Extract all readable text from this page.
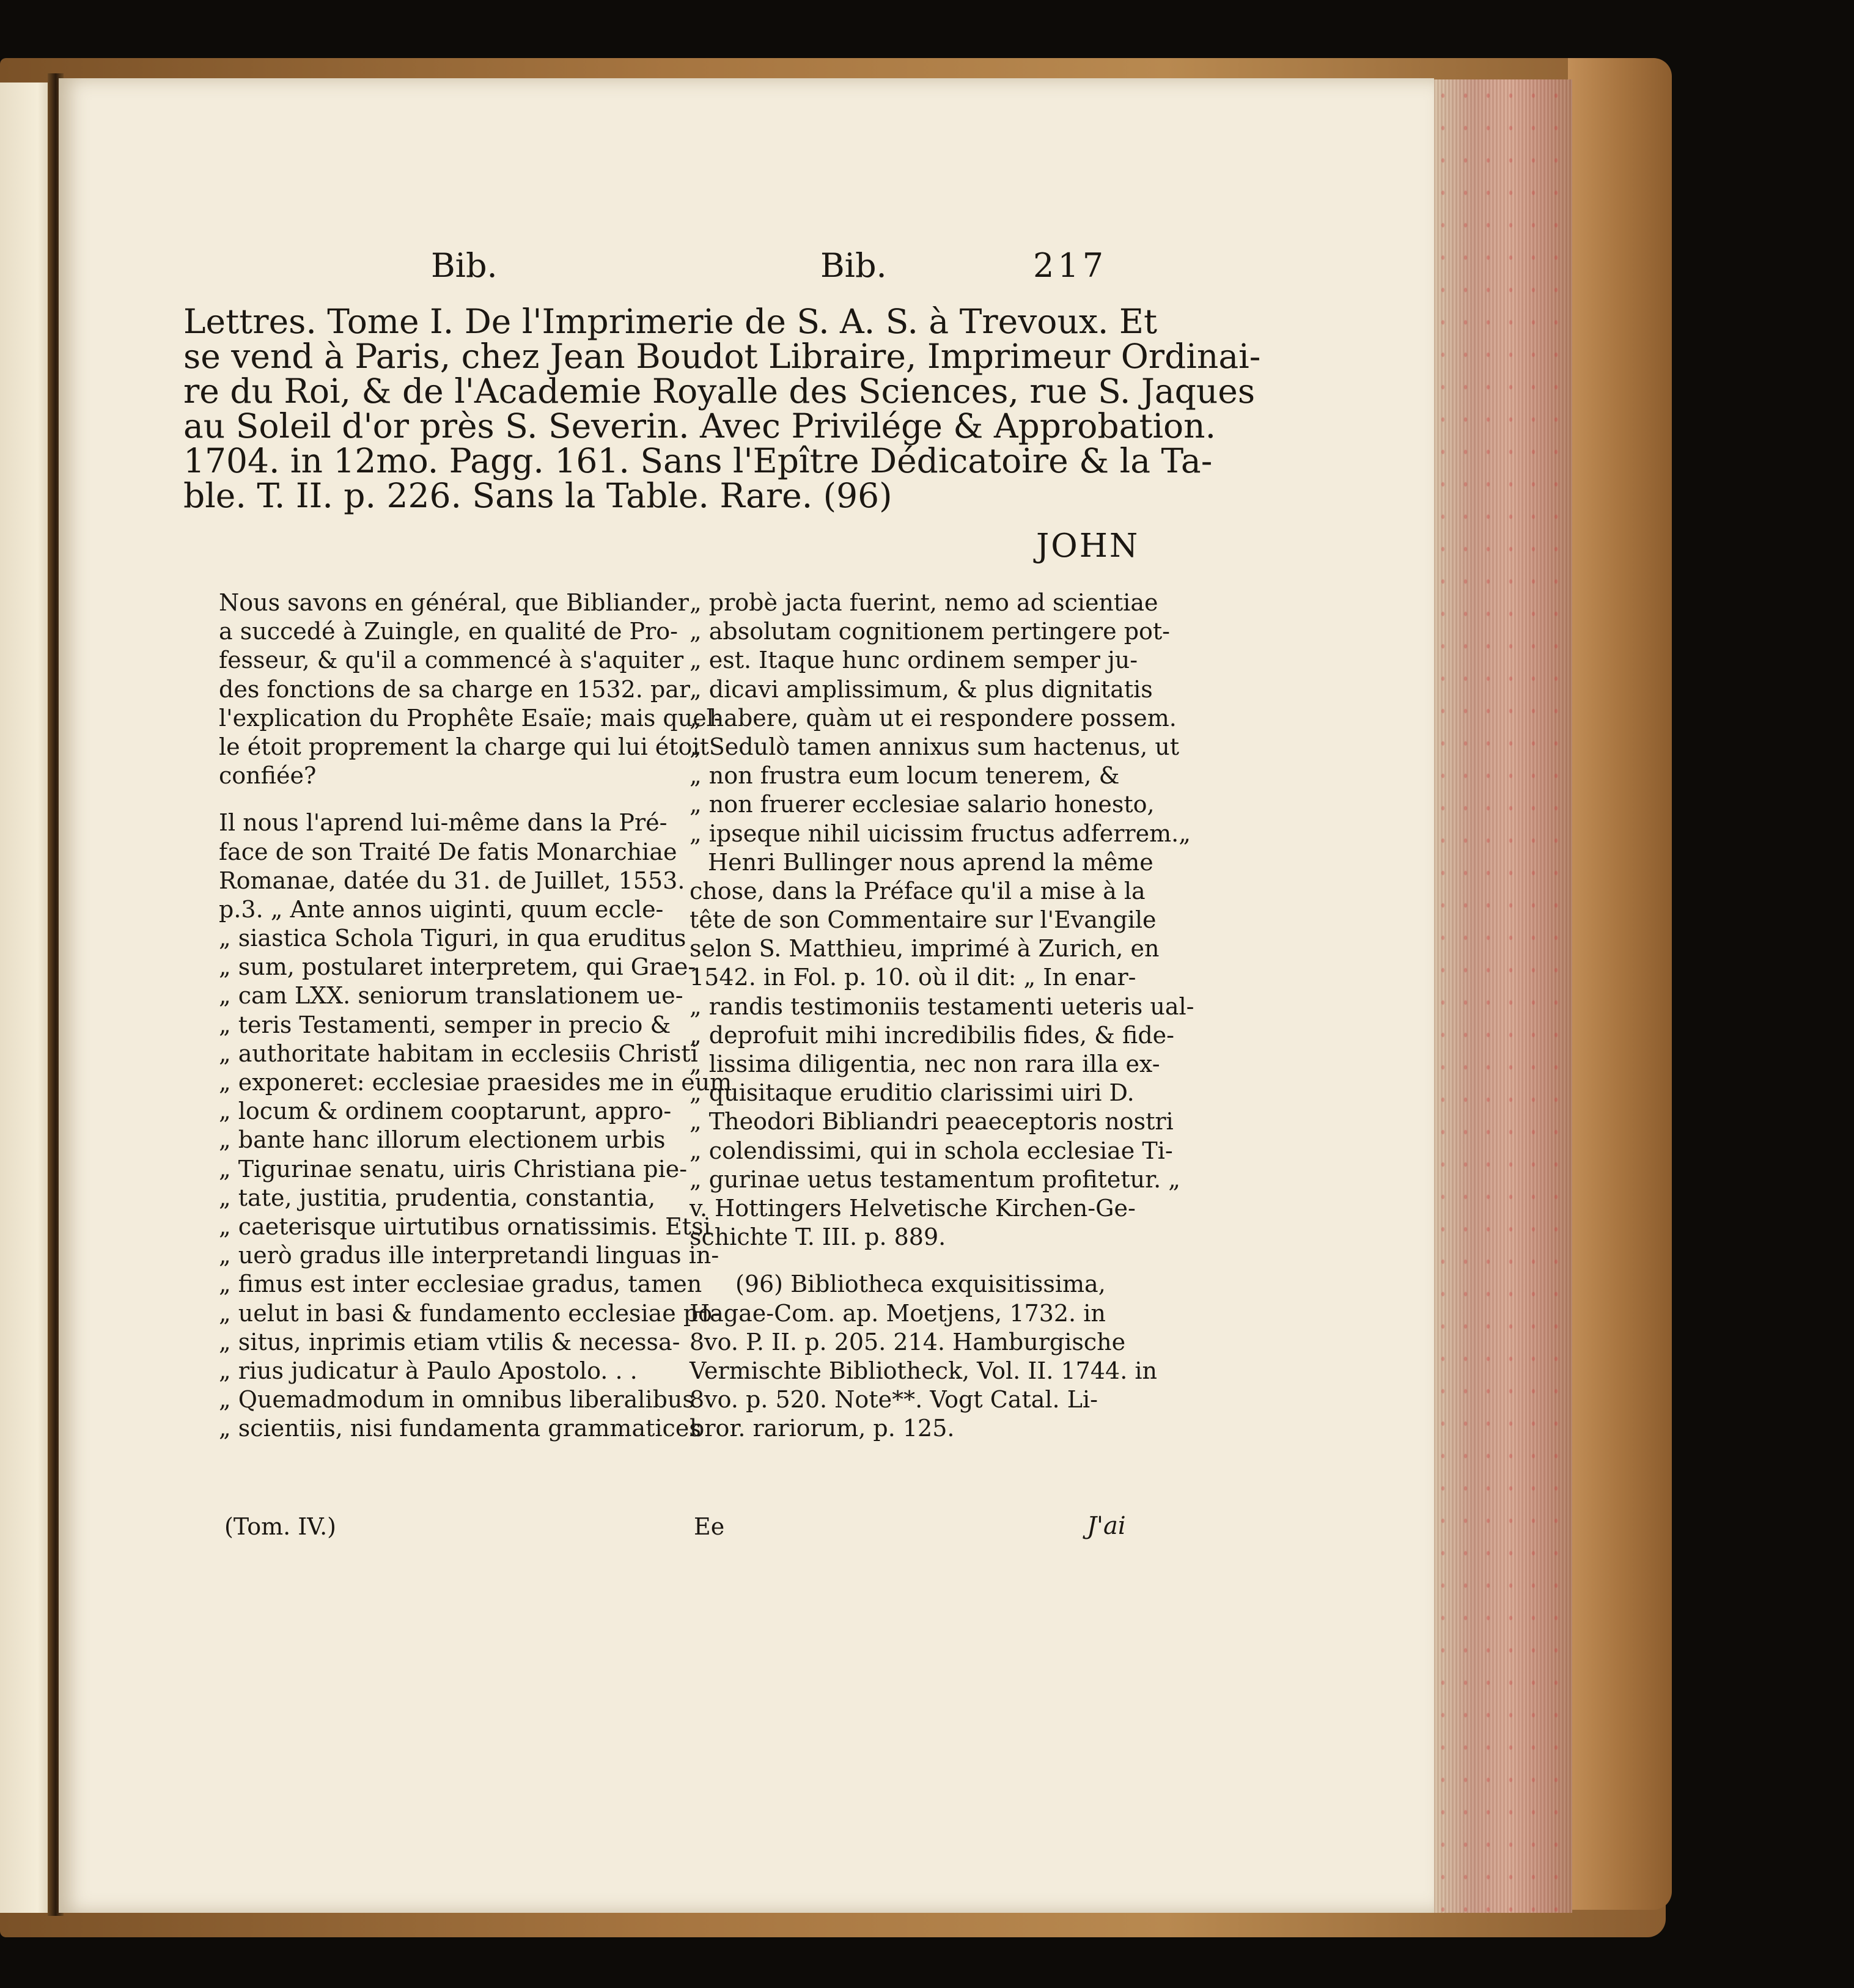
Bib.	Bib.	217
Lettres. Tome I. De l'Imprimerie de S. A. S. à Trevoux. Et
se vend à Paris, chez Jean Boudot Libraire, Imprimeur Ordinai-
re du Roi, & de l'Academie Royalle des Sciences, rue S. Jaques
au Soleil d'or près S. Severin. Avec Privilége & Approbation.
1704. in 12mo. Pagg. 161. Sans l'Epître Dédicatoire & la Ta-
ble. T. II. p. 226. Sans la Table. Rare. (96)
JOHN
Nous savons en général, que Bibliander
a succedé à Zuingle, en qualité de Pro-
fesseur, & qu'il a commencé à s'aquiter
des fonctions de sa charge en 1532. par
l'explication du Prophête Esaïe; mais quel-
le étoit proprement la charge qui lui étoit
confiée?
Il nous l'aprend lui-même dans la Pré-
face de son Traité De fatis Monarchiae
Romanae, datée du 31. de Juillet, 1553.
p.3. „ Ante annos uiginti, quum eccle-
„ siastica Schola Tiguri, in qua eruditus
„ sum, postularet interpretem, qui Grae-
„ cam LXX. seniorum translationem ue-
„ teris Testamenti, semper in precio &
„ authoritate habitam in ecclesiis Christi
„ exponeret: ecclesiae praesides me in eum
„ locum & ordinem cooptarunt, appro-
„ bante hanc illorum electionem urbis
„ Tigurinae senatu, uiris Christiana pie-
„ tate, justitia, prudentia, constantia,
„ caeterisque uirtutibus ornatissimis. Etsi
„ uerò gradus ille interpretandi linguas in-
„ fimus est inter ecclesiae gradus, tamen
„ uelut in basi & fundamento ecclesiae po-
„ situs, inprimis etiam vtilis & necessa-
„ rius judicatur à Paulo Apostolo. . .
„ Quemadmodum in omnibus liberalibus
„ scientiis, nisi fundamenta grammatices
(Tom. IV.)
„ probè jacta fuerint, nemo ad scientiae
„ absolutam cognitionem pertingere pot-
„ est. Itaque hunc ordinem semper ju-
„ dicavi amplissimum, & plus dignitatis
„ habere, quàm ut ei respondere possem.
„ Sedulò tamen annixus sum hactenus, ut
„ non frustra eum locum tenerem, &
„ non fruerer ecclesiae salario honesto,
„ ipseque nihil uicissim fructus adferrem.„
Henri Bullinger nous aprend la même
chose, dans la Préface qu'il a mise à la
tête de son Commentaire sur l'Evangile
selon S. Matthieu, imprimé à Zurich, en
1542. in Fol. p. 10. où il dit: „ In enar-
„ randis testimoniis testamenti ueteris ual-
„ deprofuit mihi incredibilis fides, & fide-
„ lissima diligentia, nec non rara illa ex-
„ quisitaque eruditio clarissimi uiri D.
„ Theodori Bibliandri peaeceptoris nostri
„ colendissimi, qui in schola ecclesiae Ti-
„ gurinae uetus testamentum profitetur. „
v. Hottingers Helvetische Kirchen-Ge-
schichte T. III. p. 889.
(96) Bibliotheca exquisitissima,
Hagae-Com. ap. Moetjens, 1732. in
8vo. P. II. p. 205. 214. Hamburgische
Vermischte Bibliotheck, Vol. II. 1744. in
8vo. p. 520. Note**. Vogt Catal. Li-
bror. rariorum, p. 125.
Ee	J'ai
